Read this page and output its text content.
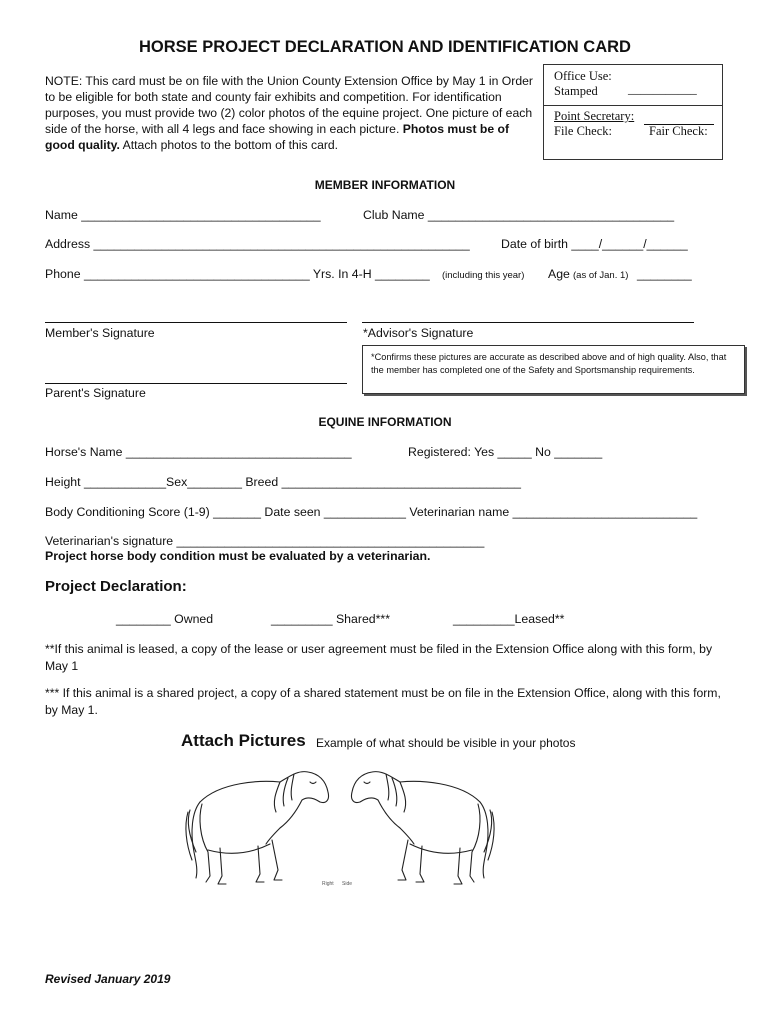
HORSE PROJECT DECLARATION AND IDENTIFICATION CARD
NOTE: This card must be on file with the Union County Extension Office by May 1 in Order to be eligible for both state and county fair exhibits and competition. For identification purposes, you must provide two (2) color photos of the equine project. One picture of each side of the horse, with all 4 legs and face showing in each picture. Photos must be of good quality. Attach photos to the bottom of this card.
Office Use:
Stamped ___________
Point Secretary:
File Check:	Fair Check:
MEMBER INFORMATION
Name ___________________________________	Club Name ____________________________________
Address _______________________________________________________	Date of birth ____/______/______
Phone _________________________________ Yrs. In 4-H ________ (including this year) Age (as of Jan. 1) ________
Member's Signature	*Advisor's Signature
*Confirms these pictures are accurate as described above and of high quality. Also, that the member has completed one of the Safety and Sportsmanship requirements.
Parent's Signature
EQUINE INFORMATION
Horse's Name _________________________________	Registered: Yes _____ No _______
Height ____________Sex________ Breed ___________________________________
Body Conditioning Score (1-9) _______ Date seen ____________ Veterinarian name ___________________________
Veterinarian's signature _____________________________________________
Project horse body condition must be evaluated by a veterinarian.
Project Declaration:
________ Owned	_________ Shared***	_________Leased**
**If this animal is leased, a copy of the lease or user agreement must be filed in the Extension Office along with this form, by May 1
*** If this animal is a shared project, a copy of a shared statement must be on file in the Extension Office, along with this form, by May 1.
Attach Pictures Example of what should be visible in your photos
Right Side
Revised January 2019
